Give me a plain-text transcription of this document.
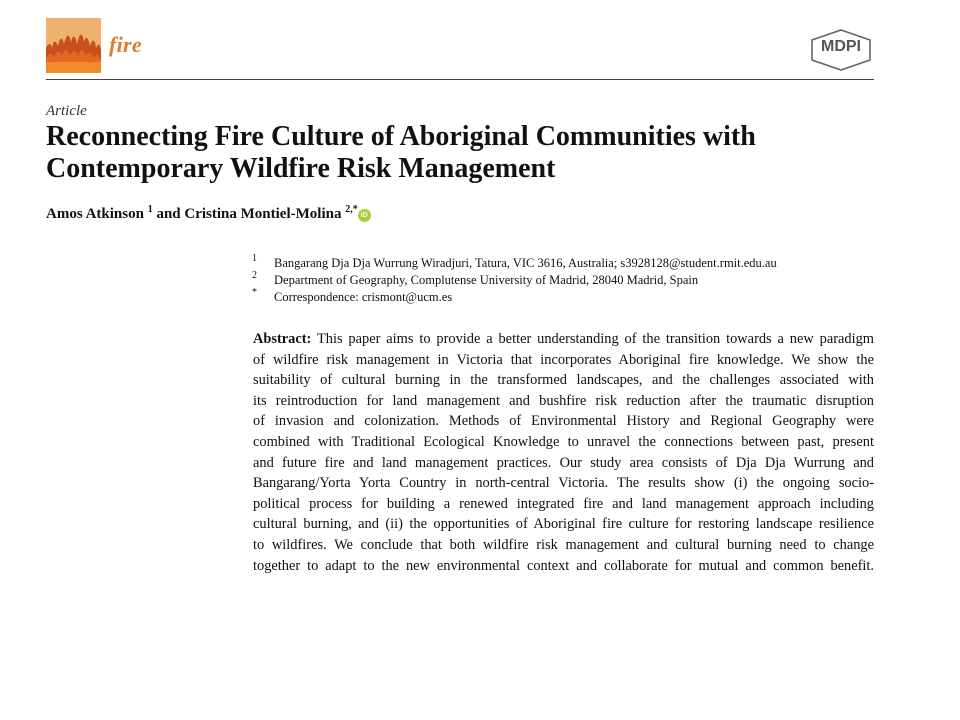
fire	MDPI
Article
Reconnecting Fire Culture of Aboriginal Communities with
Contemporary Wildfire Risk Management
Amos Atkinson $^1$ and Cristina Montiel-Molina $^{2,*}$iD
1 Bangarang Dja Dja Wurrung Wiradjuri, Tatura, VIC 3616, Australia; s3928128@student.rmit.edu.au
2 Department of Geography, Complutense University of Madrid, 28040 Madrid, Spain
* Correspondence: crismont@ucm.es
Abstract: This paper aims to provide a better understanding of the transition towards a new paradigm
of wildfire risk management in Victoria that incorporates Aboriginal fire knowledge. We show the
suitability of cultural burning in the transformed landscapes, and the challenges associated with
its reintroduction for land management and bushfire risk reduction after the traumatic disruption
of invasion and colonization. Methods of Environmental History and Regional Geography were
combined with Traditional Ecological Knowledge to unravel the connections between past, present
and future fire and land management practices. Our study area consists of Dja Dja Wurrung and
Bangarang/Yorta Yorta Country in north-central Victoria. The results show (i) the ongoing socio-
political process for building a renewed integrated fire and land management approach including
cultural burning, and (ii) the opportunities of Aboriginal fire culture for restoring landscape resilience
to wildfires. We conclude that both wildfire risk management and cultural burning need to change
together to adapt to the new environmental context and collaborate for mutual and common benefit.
